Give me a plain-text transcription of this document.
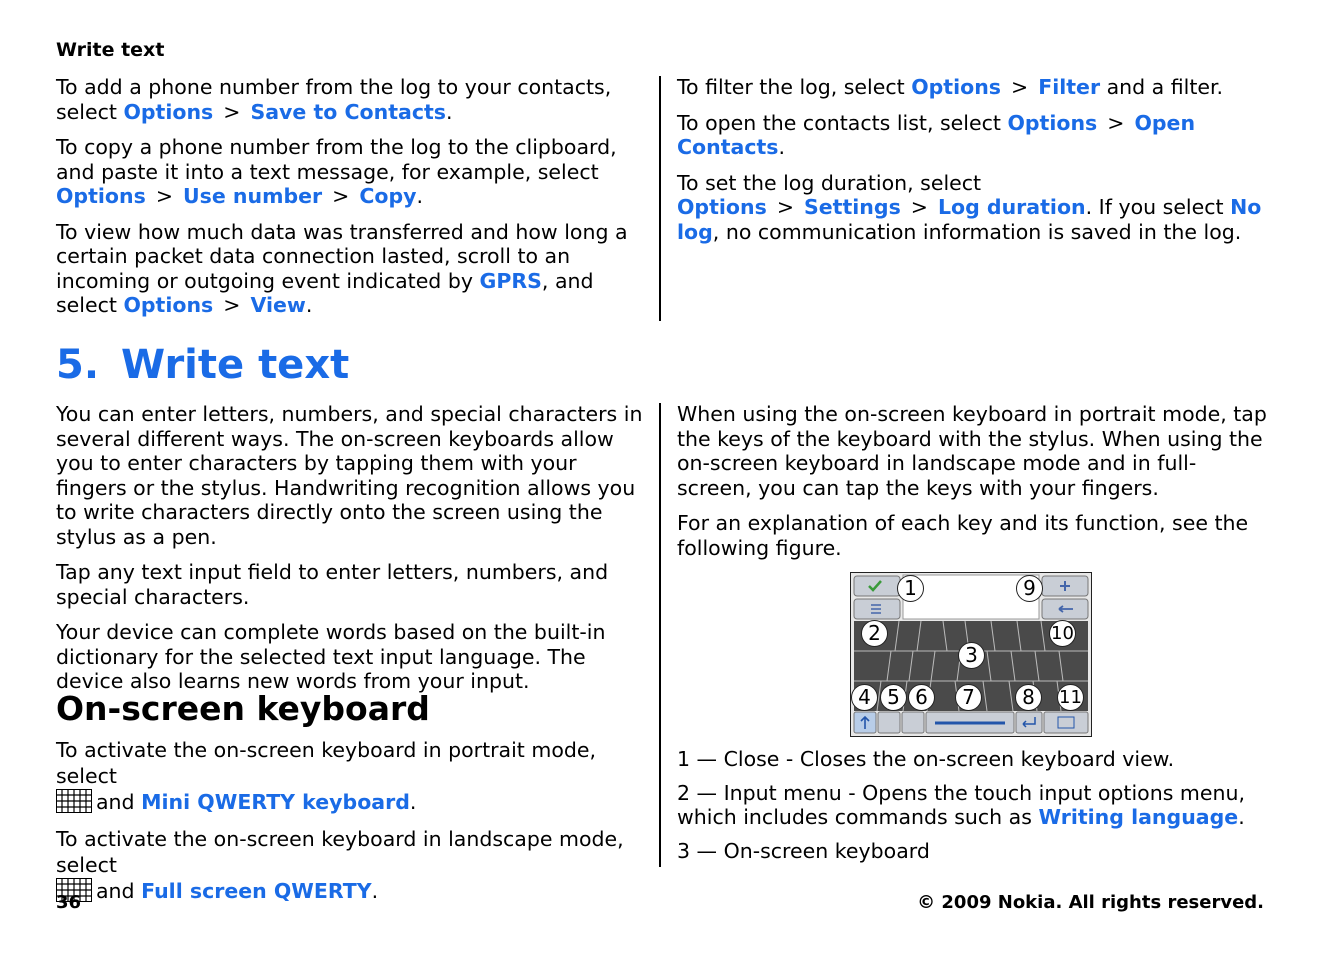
Write text

To add a phone number from the log to your contacts, select Options > Save to Contacts.

To copy a phone number from the log to the clipboard, and paste it into a text message, for example, select Options > Use number > Copy.

To view how much data was transferred and how long a certain packet data connection lasted, scroll to an incoming or outgoing event indicated by GPRS, and select Options > View.

To filter the log, select Options > Filter and a filter.

To open the contacts list, select Options > Open Contacts.

To set the log duration, select Options > Settings > Log duration. If you select No log, no communication information is saved in the log.

5. Write text

You can enter letters, numbers, and special characters in several different ways. The on-screen keyboards allow you to enter characters by tapping them with your fingers or the stylus. Handwriting recognition allows you to write characters directly onto the screen using the stylus as a pen.

Tap any text input field to enter letters, numbers, and special characters.

Your device can complete words based on the built-in dictionary for the selected text input language. The device also learns new words from your input.

On-screen keyboard

To activate the on-screen keyboard in portrait mode, select
and Mini QWERTY keyboard.

To activate the on-screen keyboard in landscape mode, select
and Full screen QWERTY.

When using the on-screen keyboard in portrait mode, tap the keys of the keyboard with the stylus. When using the on-screen keyboard in landscape mode and in full-screen, you can tap the keys with your fingers.

For an explanation of each key and its function, see the following figure.

1	9
2	10
3
4 5 6	7	8	11

1 — Close - Closes the on-screen keyboard view.

2 — Input menu - Opens the touch input options menu, which includes commands such as Writing language.

3 — On-screen keyboard

36	© 2009 Nokia. All rights reserved.
